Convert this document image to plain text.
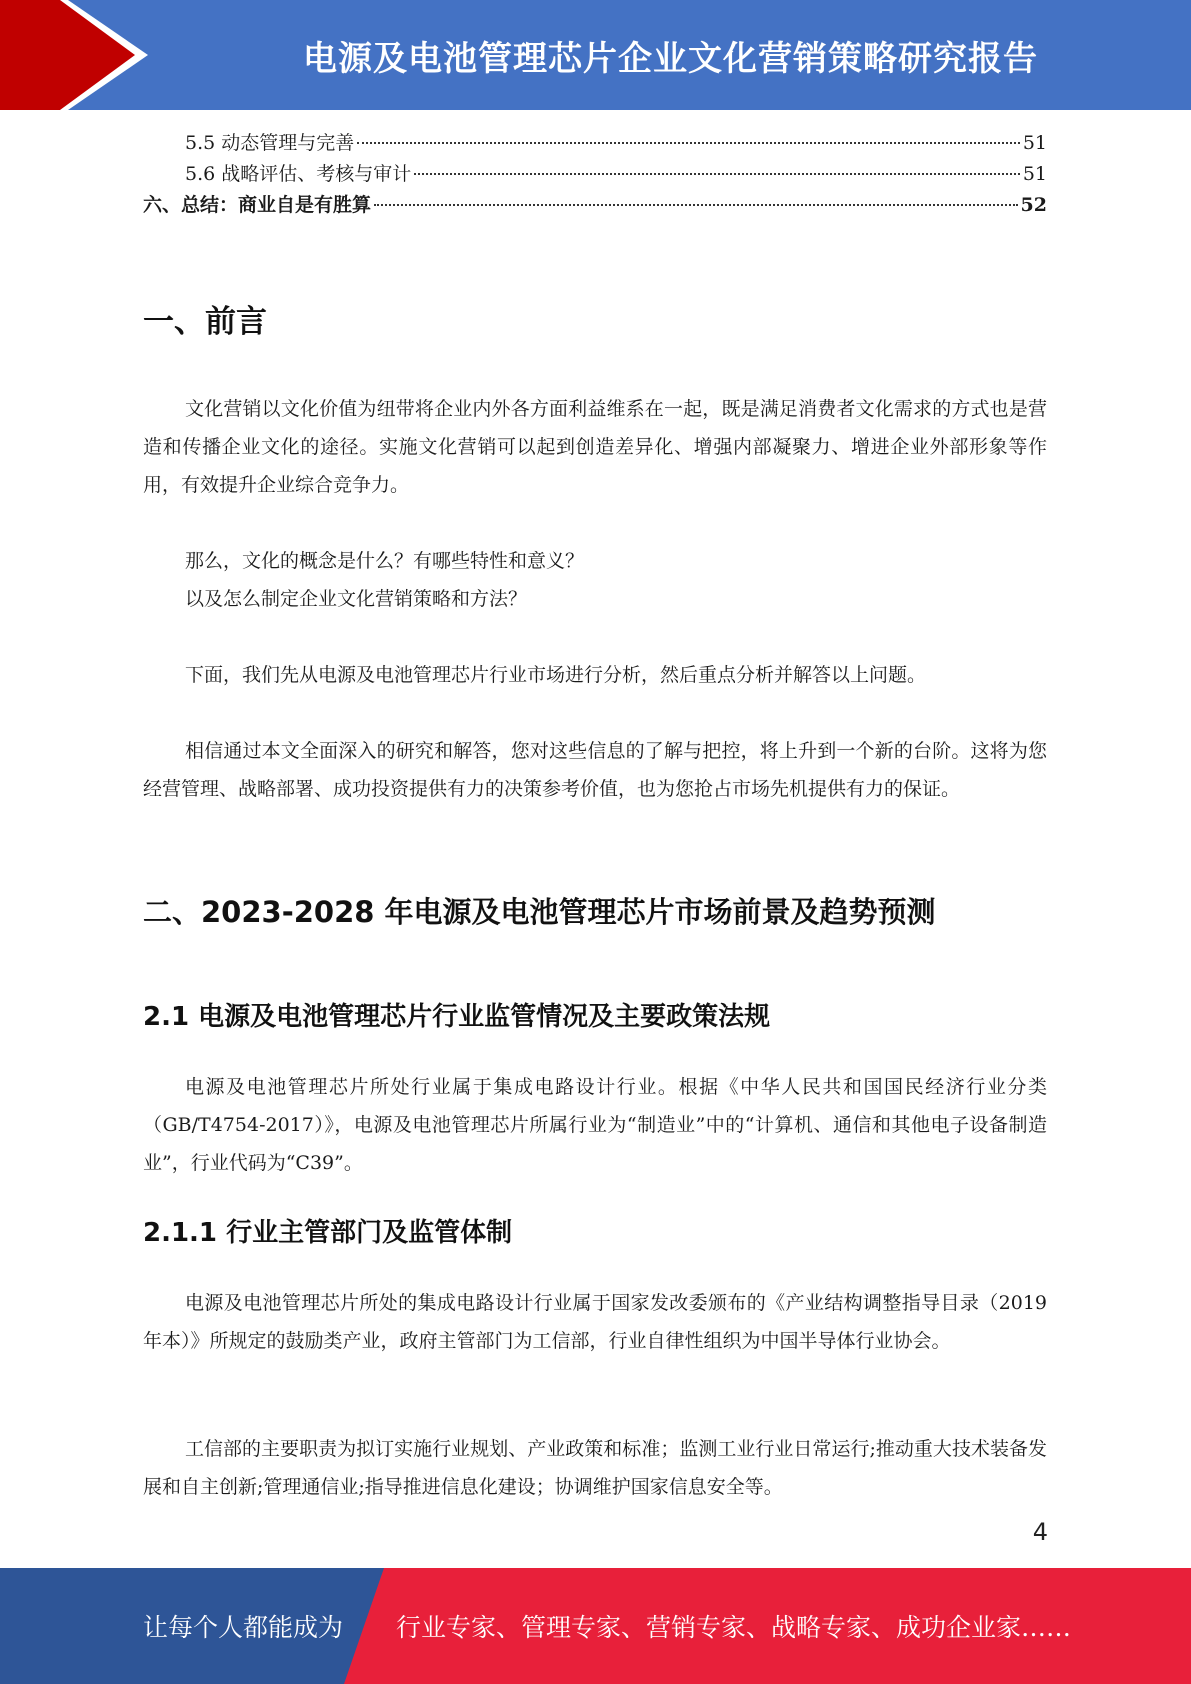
电源及电池管理芯片企业文化营销策略研究报告
5.5 动态管理与完善	51
5.6 战略评估、考核与审计	51
六、总结：商业自是有胜算	52
一、前言

文化营销以文化价值为纽带将企业内外各方面利益维系在一起，既是满足消费者文化需求的方式也是营造和传播企业文化的途径。实施文化营销可以起到创造差异化、增强内部凝聚力、增进企业外部形象等作用，有效提升企业综合竞争力。

那么，文化的概念是什么？有哪些特性和意义？

以及怎么制定企业文化营销策略和方法？

下面，我们先从电源及电池管理芯片行业市场进行分析，然后重点分析并解答以上问题。

相信通过本文全面深入的研究和解答，您对这些信息的了解与把控，将上升到一个新的台阶。这将为您经营管理、战略部署、成功投资提供有力的决策参考价值，也为您抢占市场先机提供有力的保证。

二、2023-2028 年电源及电池管理芯片市场前景及趋势预测
2.1 电源及电池管理芯片行业监管情况及主要政策法规

电源及电池管理芯片所处行业属于集成电路设计行业。根据《中华人民共和国国民经济行业分类（GB/T4754-2017）》，电源及电池管理芯片所属行业为“制造业”中的“计算机、通信和其他电子设备制造业”，行业代码为“C39”。

2.1.1 行业主管部门及监管体制

电源及电池管理芯片所处的集成电路设计行业属于国家发改委颁布的《产业结构调整指导目录（2019 年本）》所规定的鼓励类产业，政府主管部门为工信部，行业自律性组织为中国半导体行业协会。

工信部的主要职责为拟订实施行业规划、产业政策和标准；监测工业行业日常运行;推动重大技术装备发展和自主创新;管理通信业;指导推进信息化建设；协调维护国家信息安全等。

4
让每个人都能成为 行业专家、管理专家、营销专家、战略专家、成功企业家……
